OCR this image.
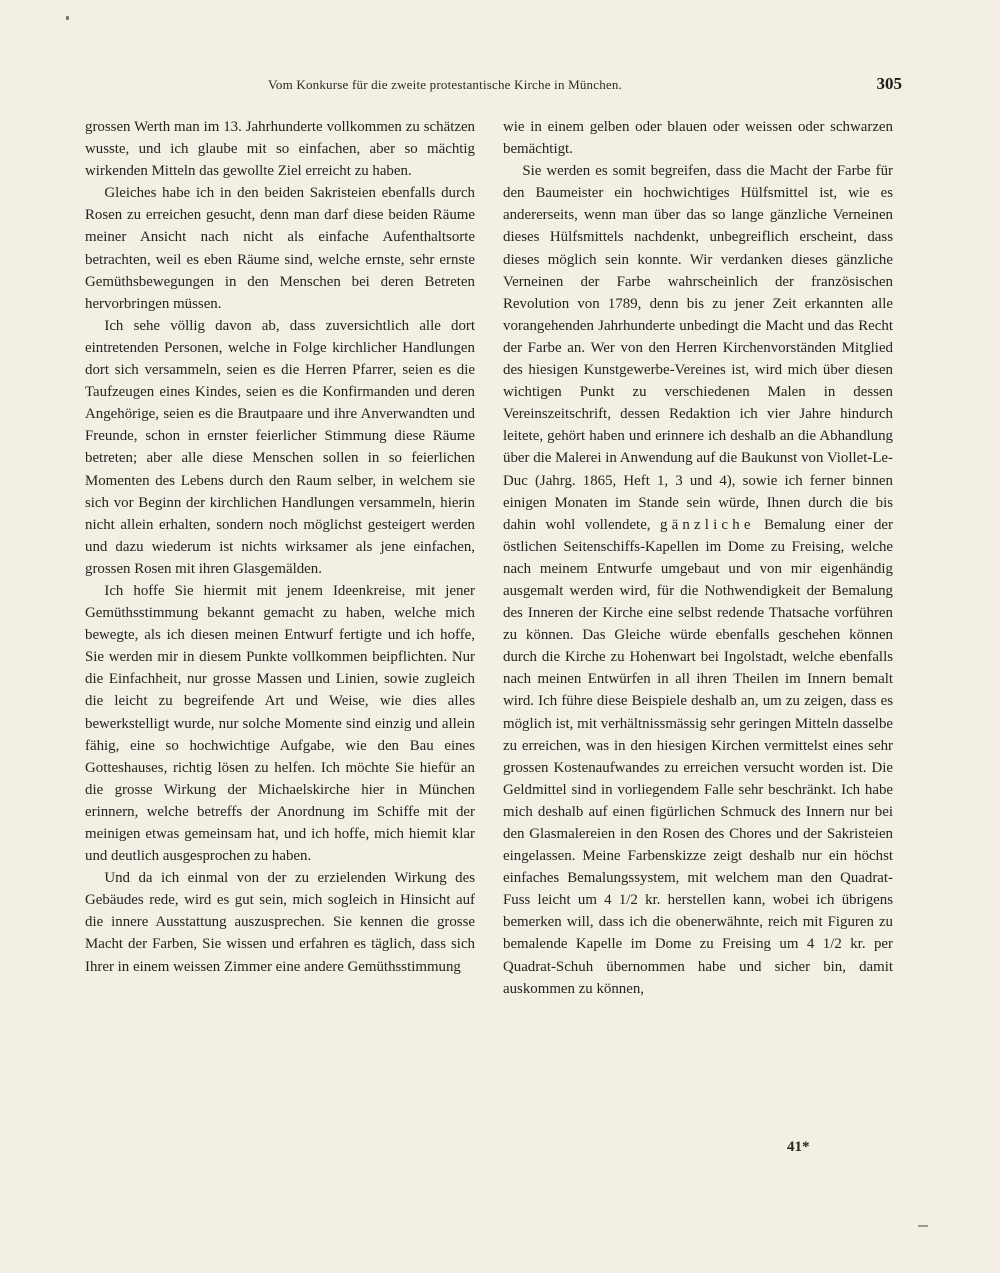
Vom Konkurse für die zweite protestantische Kirche in München.	305

grossen Werth man im 13. Jahrhunderte vollkommen zu schätzen wusste, und ich glaube mit so einfachen, aber so mächtig wirkenden Mitteln das gewollte Ziel erreicht zu haben.

Gleiches habe ich in den beiden Sakristeien ebenfalls durch Rosen zu erreichen gesucht, denn man darf diese beiden Räume meiner Ansicht nach nicht als einfache Aufenthaltsorte betrachten, weil es eben Räume sind, welche ernste, sehr ernste Gemüthsbewegungen in den Menschen bei deren Betreten hervorbringen müssen.

Ich sehe völlig davon ab, dass zuversichtlich alle dort eintretenden Personen, welche in Folge kirchlicher Handlungen dort sich versammeln, seien es die Herren Pfarrer, seien es die Taufzeugen eines Kindes, seien es die Konfirmanden und deren Angehörige, seien es die Brautpaare und ihre Anverwandten und Freunde, schon in ernster feierlicher Stimmung diese Räume betreten; aber alle diese Menschen sollen in so feierlichen Momenten des Lebens durch den Raum selber, in welchem sie sich vor Beginn der kirchlichen Handlungen versammeln, hierin nicht allein erhalten, sondern noch möglichst gesteigert werden und dazu wiederum ist nichts wirksamer als jene einfachen, grossen Rosen mit ihren Glasgemälden.

Ich hoffe Sie hiermit mit jenem Ideenkreise, mit jener Gemüthsstimmung bekannt gemacht zu haben, welche mich bewegte, als ich diesen meinen Entwurf fertigte und ich hoffe, Sie werden mir in diesem Punkte vollkommen beipflichten. Nur die Einfachheit, nur grosse Massen und Linien, sowie zugleich die leicht zu begreifende Art und Weise, wie dies alles bewerkstelligt wurde, nur solche Momente sind einzig und allein fähig, eine so hochwichtige Aufgabe, wie den Bau eines Gotteshauses, richtig lösen zu helfen. Ich möchte Sie hiefür an die grosse Wirkung der Michaelskirche hier in München erinnern, welche betreffs der Anordnung im Schiffe mit der meinigen etwas gemeinsam hat, und ich hoffe, mich hiemit klar und deutlich ausgesprochen zu haben.

Und da ich einmal von der zu erzielenden Wirkung des Gebäudes rede, wird es gut sein, mich sogleich in Hinsicht auf die innere Ausstattung auszusprechen. Sie kennen die grosse Macht der Farben, Sie wissen und erfahren es täglich, dass sich Ihrer in einem weissen Zimmer eine andere Gemüthsstimmung

wie in einem gelben oder blauen oder weissen oder schwarzen bemächtigt.

Sie werden es somit begreifen, dass die Macht der Farbe für den Baumeister ein hochwichtiges Hülfsmittel ist, wie es andererseits, wenn man über das so lange gänzliche Verneinen dieses Hülfsmittels nachdenkt, unbegreiflich erscheint, dass dieses möglich sein konnte. Wir verdanken dieses gänzliche Verneinen der Farbe wahrscheinlich der französischen Revolution von 1789, denn bis zu jener Zeit erkannten alle vorangehenden Jahrhunderte unbedingt die Macht und das Recht der Farbe an. Wer von den Herren Kirchenvorständen Mitglied des hiesigen Kunstgewerbe-Vereines ist, wird mich über diesen wichtigen Punkt zu verschiedenen Malen in dessen Vereinszeitschrift, dessen Redaktion ich vier Jahre hindurch leitete, gehört haben und erinnere ich deshalb an die Abhandlung über die Malerei in Anwendung auf die Baukunst von Viollet-Le-Duc (Jahrg. 1865, Heft 1, 3 und 4), sowie ich ferner binnen einigen Monaten im Stande sein würde, Ihnen durch die bis dahin wohl vollendete, gänzliche Bemalung einer der östlichen Seitenschiffs-Kapellen im Dome zu Freising, welche nach meinem Entwurfe umgebaut und von mir eigenhändig ausgemalt werden wird, für die Nothwendigkeit der Bemalung des Inneren der Kirche eine selbst redende Thatsache vorführen zu können. Das Gleiche würde ebenfalls geschehen können durch die Kirche zu Hohenwart bei Ingolstadt, welche ebenfalls nach meinen Entwürfen in all ihren Theilen im Innern bemalt wird. Ich führe diese Beispiele deshalb an, um zu zeigen, dass es möglich ist, mit verhältnissmässig sehr geringen Mitteln dasselbe zu erreichen, was in den hiesigen Kirchen vermittelst eines sehr grossen Kostenaufwandes zu erreichen versucht worden ist. Die Geldmittel sind in vorliegendem Falle sehr beschränkt. Ich habe mich deshalb auf einen figürlichen Schmuck des Innern nur bei den Glasmalereien in den Rosen des Chores und der Sakristeien eingelassen. Meine Farbenskizze zeigt deshalb nur ein höchst einfaches Bemalungssystem, mit welchem man den Quadrat-Fuss leicht um 4 1/2 kr. herstellen kann, wobei ich übrigens bemerken will, dass ich die obenerwähnte, reich mit Figuren zu bemalende Kapelle im Dome zu Freising um 4 1/2 kr. per Quadrat-Schuh übernommen habe und sicher bin, damit auskommen zu können,

41*
